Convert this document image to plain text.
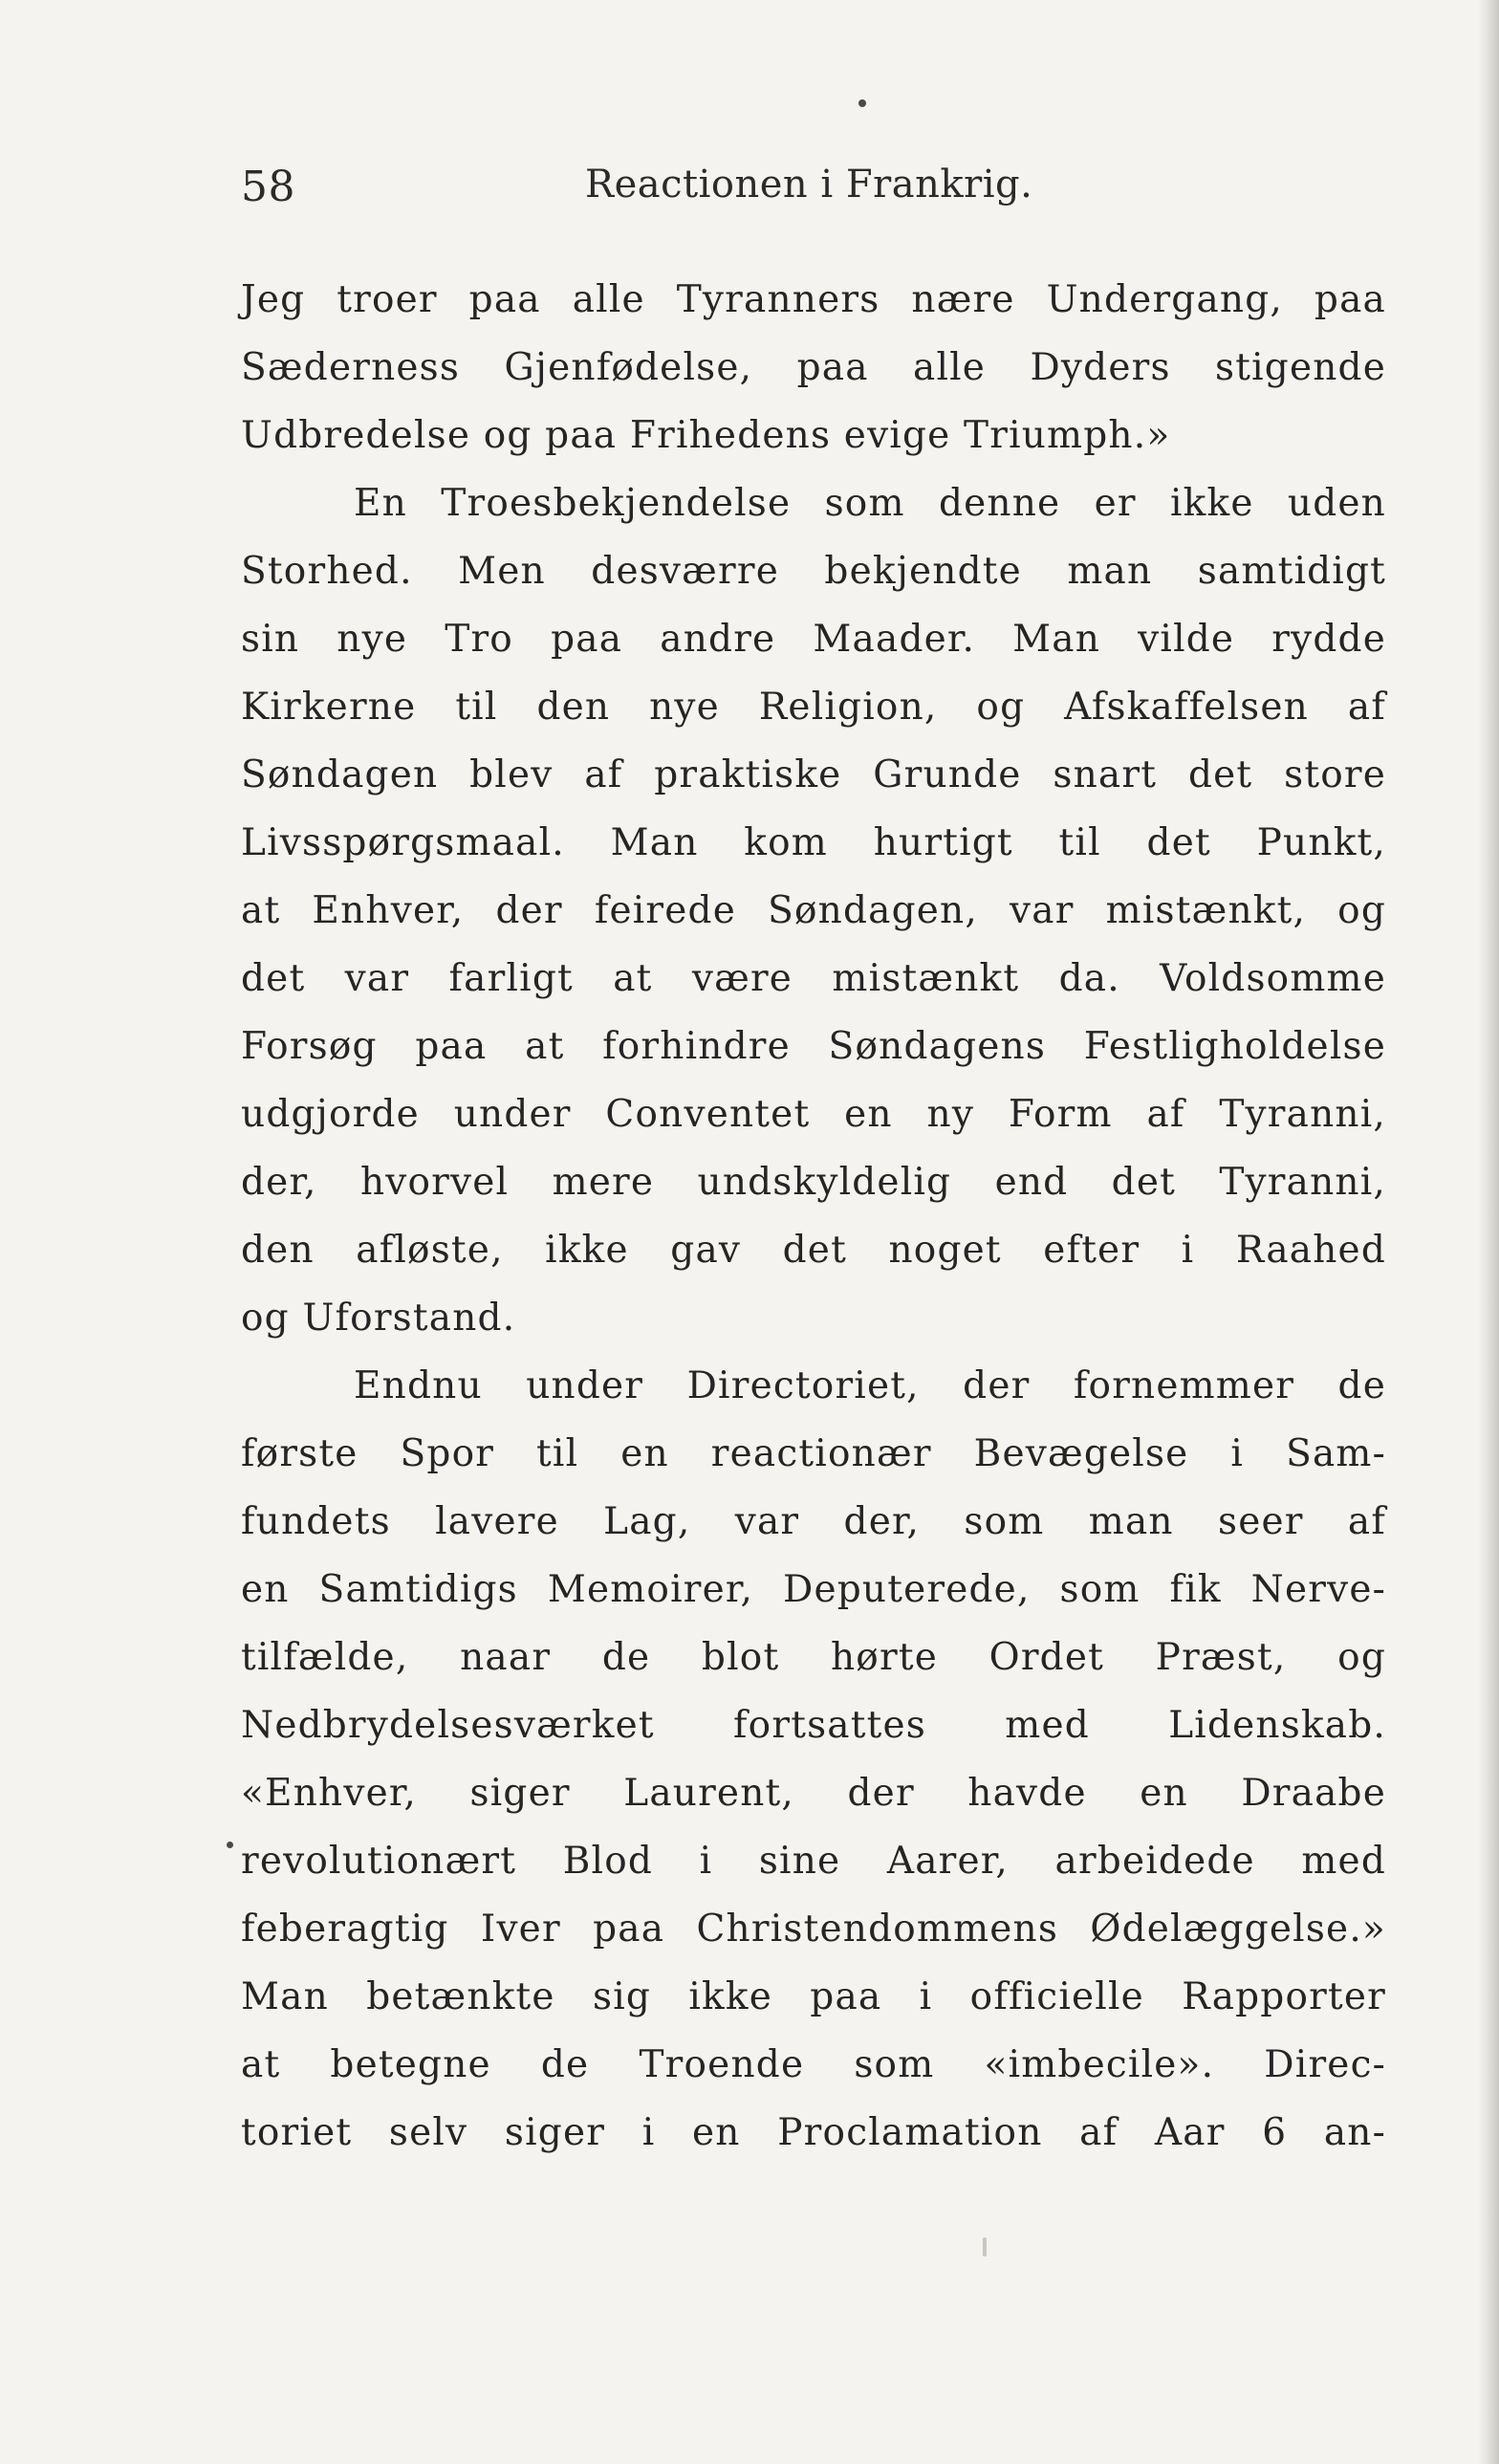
58	Reactionen i Frankrig.
Jeg troer paa alle Tyranners nære Undergang, paa
Sæderness Gjenfødelse, paa alle Dyders stigende
Udbredelse og paa Frihedens evige Triumph.»
En Troesbekjendelse som denne er ikke uden
Storhed. Men desværre bekjendte man samtidigt
sin nye Tro paa andre Maader. Man vilde rydde
Kirkerne til den nye Religion, og Afskaffelsen af
Søndagen blev af praktiske Grunde snart det store
Livsspørgsmaal. Man kom hurtigt til det Punkt,
at Enhver, der feirede Søndagen, var mistænkt, og
det var farligt at være mistænkt da. Voldsomme
Forsøg paa at forhindre Søndagens Festligholdelse
udgjorde under Conventet en ny Form af Tyranni,
der, hvorvel mere undskyldelig end det Tyranni,
den afløste, ikke gav det noget efter i Raahed
og Uforstand.
Endnu under Directoriet, der fornemmer de
første Spor til en reactionær Bevægelse i Sam-
fundets lavere Lag, var der, som man seer af
en Samtidigs Memoirer, Deputerede, som fik Nerve-
tilfælde, naar de blot hørte Ordet Præst, og
Nedbrydelsesværket fortsattes med Lidenskab.
«Enhver, siger Laurent, der havde en Draabe
revolutionært Blod i sine Aarer, arbeidede med
feberagtig Iver paa Christendommens Ødelæggelse.»
Man betænkte sig ikke paa i officielle Rapporter
at betegne de Troende som «imbecile». Direc-
toriet selv siger i en Proclamation af Aar 6 an-
